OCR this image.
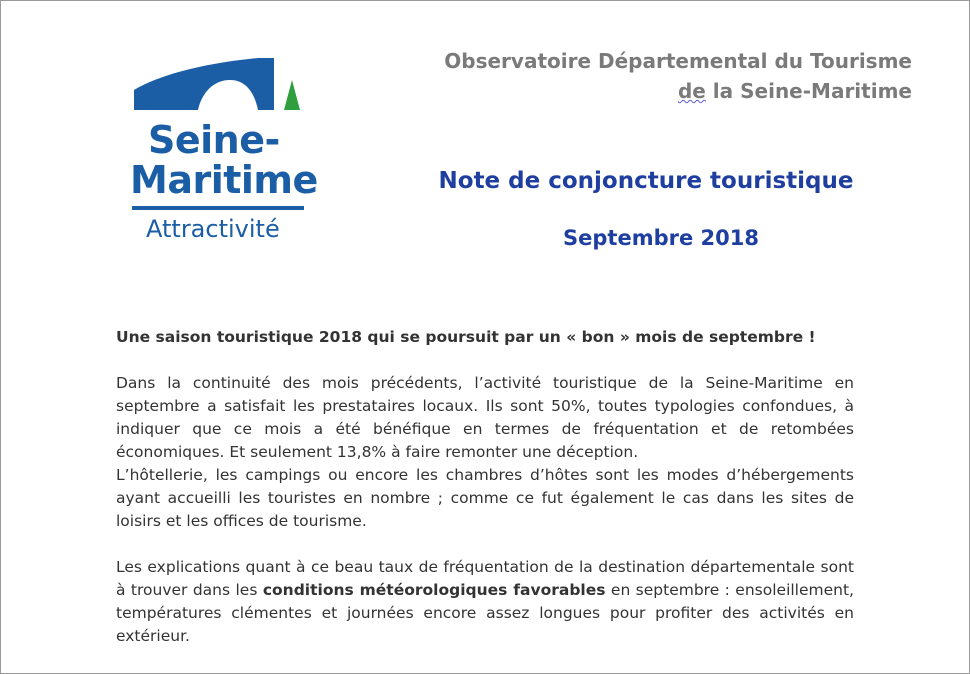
Seine-
Maritime
Attractivité
Observatoire Départemental du Tourisme
de la Seine-Maritime
Note de conjoncture touristique
Septembre 2018

Une saison touristique 2018 qui se poursuit par un « bon » mois de septembre !

Dans la continuité des mois précédents, l’activité touristique de la Seine-Maritime en septembre a satisfait les prestataires locaux. Ils sont 50%, toutes typologies confondues, à indiquer que ce mois a été bénéfique en termes de fréquentation et de retombées économiques. Et seulement 13,8% à faire remonter une déception.

L’hôtellerie, les campings ou encore les chambres d’hôtes sont les modes d’hébergements ayant accueilli les touristes en nombre ; comme ce fut également le cas dans les sites de loisirs et les offices de tourisme.

Les explications quant à ce beau taux de fréquentation de la destination départementale sont à trouver dans les conditions météorologiques favorables en septembre : ensoleillement, températures clémentes et journées encore assez longues pour profiter des activités en extérieur.
